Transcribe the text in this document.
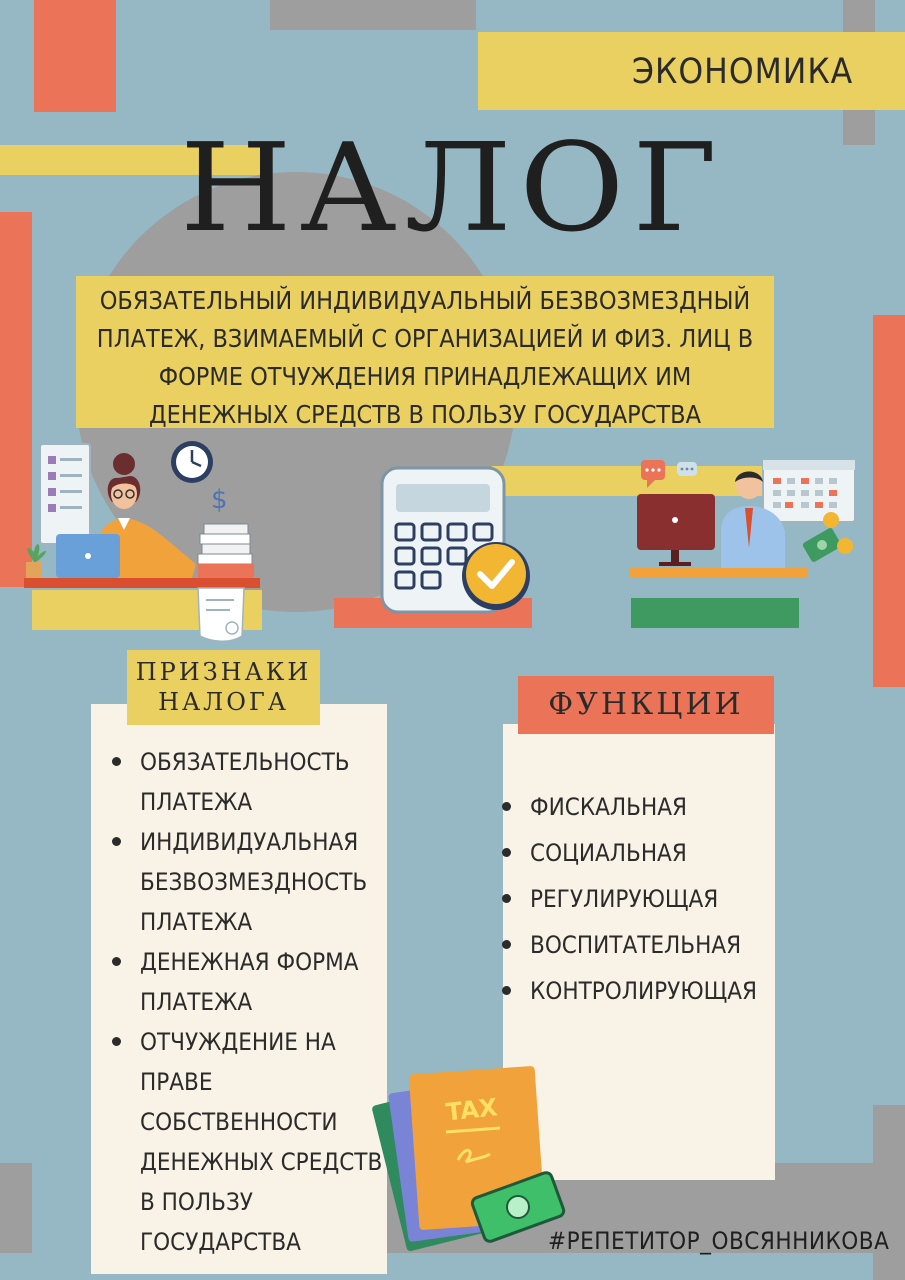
ЭКОНОМИКА
НАЛОГ

ОБЯЗАТЕЛЬНЫЙ ИНДИВИДУАЛЬНЫЙ БЕЗВОЗМЕЗДНЫЙ
ПЛАТЕЖ, ВЗИМАЕМЫЙ С ОРГАНИЗАЦИЕЙ И ФИЗ. ЛИЦ В
ФОРМЕ ОТЧУЖДЕНИЯ ПРИНАДЛЕЖАЩИХ ИМ
ДЕНЕЖНЫХ СРЕДСТВ В ПОЛЬЗУ ГОСУДАРСТВА

$
ПРИЗНАКИ
НАЛОГА
ОБЯЗАТЕЛЬНОСТЬ
ПЛАТЕЖА
ИНДИВИДУАЛЬНАЯ
БЕЗВОЗМЕЗДНОСТЬ
ПЛАТЕЖА
ДЕНЕЖНАЯ ФОРМА
ПЛАТЕЖА
ОТЧУЖДЕНИЕ НА
ПРАВЕ
СОБСТВЕННОСТИ
ДЕНЕЖНЫХ СРЕДСТВ
В ПОЛЬЗУ
ГОСУДАРСТВА
ФУНКЦИИ
ФИСКАЛЬНАЯ
СОЦИАЛЬНАЯ
РЕГУЛИРУЮЩАЯ
ВОСПИТАТЕЛЬНАЯ
КОНТРОЛИРУЮЩАЯ
TAX
#РЕПЕТИТОР_ОВСЯННИКОВА
